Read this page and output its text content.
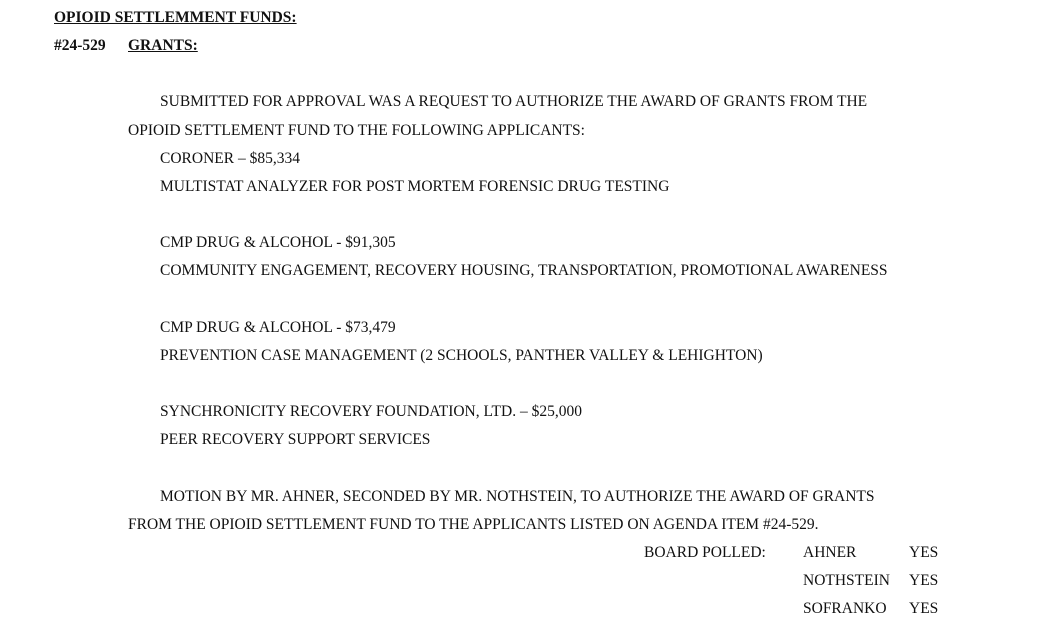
OPIOID SETTLEMMENT FUNDS:
#24-529 GRANTS:
SUBMITTED FOR APPROVAL WAS A REQUEST TO AUTHORIZE THE AWARD OF GRANTS FROM THE
OPIOID SETTLEMENT FUND TO THE FOLLOWING APPLICANTS:
CORONER – $85,334
MULTISTAT ANALYZER FOR POST MORTEM FORENSIC DRUG TESTING
CMP DRUG & ALCOHOL - $91,305
COMMUNITY ENGAGEMENT, RECOVERY HOUSING, TRANSPORTATION, PROMOTIONAL AWARENESS
CMP DRUG & ALCOHOL - $73,479
PREVENTION CASE MANAGEMENT (2 SCHOOLS, PANTHER VALLEY & LEHIGHTON)
SYNCHRONICITY RECOVERY FOUNDATION, LTD. – $25,000
PEER RECOVERY SUPPORT SERVICES
MOTION BY MR. AHNER, SECONDED BY MR. NOTHSTEIN, TO AUTHORIZE THE AWARD OF GRANTS
FROM THE OPIOID SETTLEMENT FUND TO THE APPLICANTS LISTED ON AGENDA ITEM #24-529.
BOARD POLLED: AHNER	YES
NOTHSTEIN YES
SOFRANKO YES
